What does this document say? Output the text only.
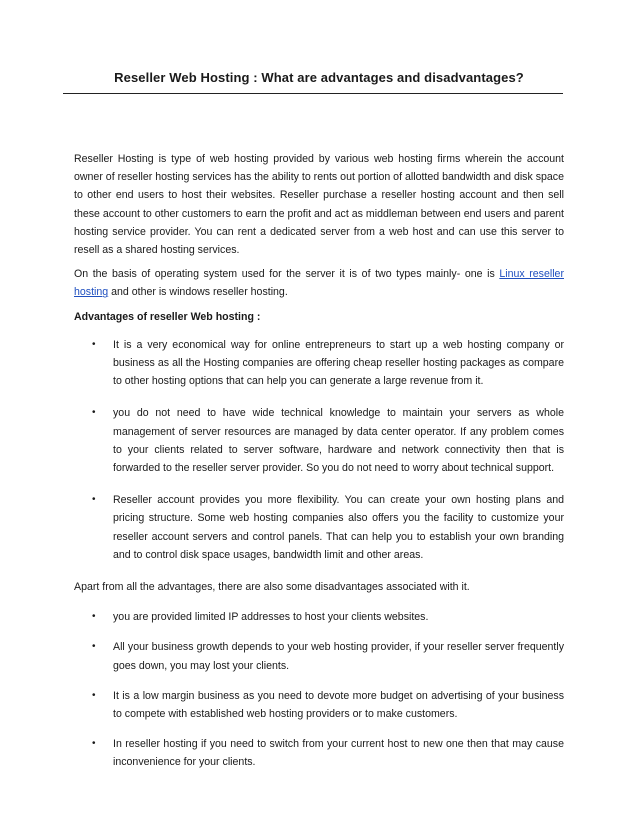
Reseller Web Hosting : What are advantages and disadvantages?

Reseller Hosting is type of web hosting provided by various web hosting firms wherein the account owner of reseller hosting services has the ability to rents out portion of allotted bandwidth and disk space to other end users to host their websites. Reseller purchase a reseller hosting account and then sell these account to other customers to earn the profit and act as middleman between end users and parent hosting service provider. You can rent a dedicated server from a web host and can use this server to resell as a shared hosting services.

On the basis of operating system used for the server it is of two types mainly- one is Linux reseller hosting and other is windows reseller hosting.

Advantages of reseller Web hosting :

• It is a very economical way for online entrepreneurs to start up a web hosting company or business as all the Hosting companies are offering cheap reseller hosting packages as compare to other hosting options that can help you can generate a large revenue from it.
• you do not need to have wide technical knowledge to maintain your servers as whole management of server resources are managed by data center operator. If any problem comes to your clients related to server software, hardware and network connectivity then that is forwarded to the reseller server provider. So you do not need to worry about technical support.
• Reseller account provides you more flexibility. You can create your own hosting plans and pricing structure. Some web hosting companies also offers you the facility to customize your reseller account servers and control panels. That can help you to establish your own branding and to control disk space usages, bandwidth limit and other areas.

Apart from all the advantages, there are also some disadvantages associated with it.

• you are provided limited IP addresses to host your clients websites.
• All your business growth depends to your web hosting provider, if your reseller server frequently goes down, you may lost your clients.
• It is a low margin business as you need to devote more budget on advertising of your business to compete with established web hosting providers or to make customers.
• In reseller hosting if you need to switch from your current host to new one then that may cause inconvenience for your clients.
